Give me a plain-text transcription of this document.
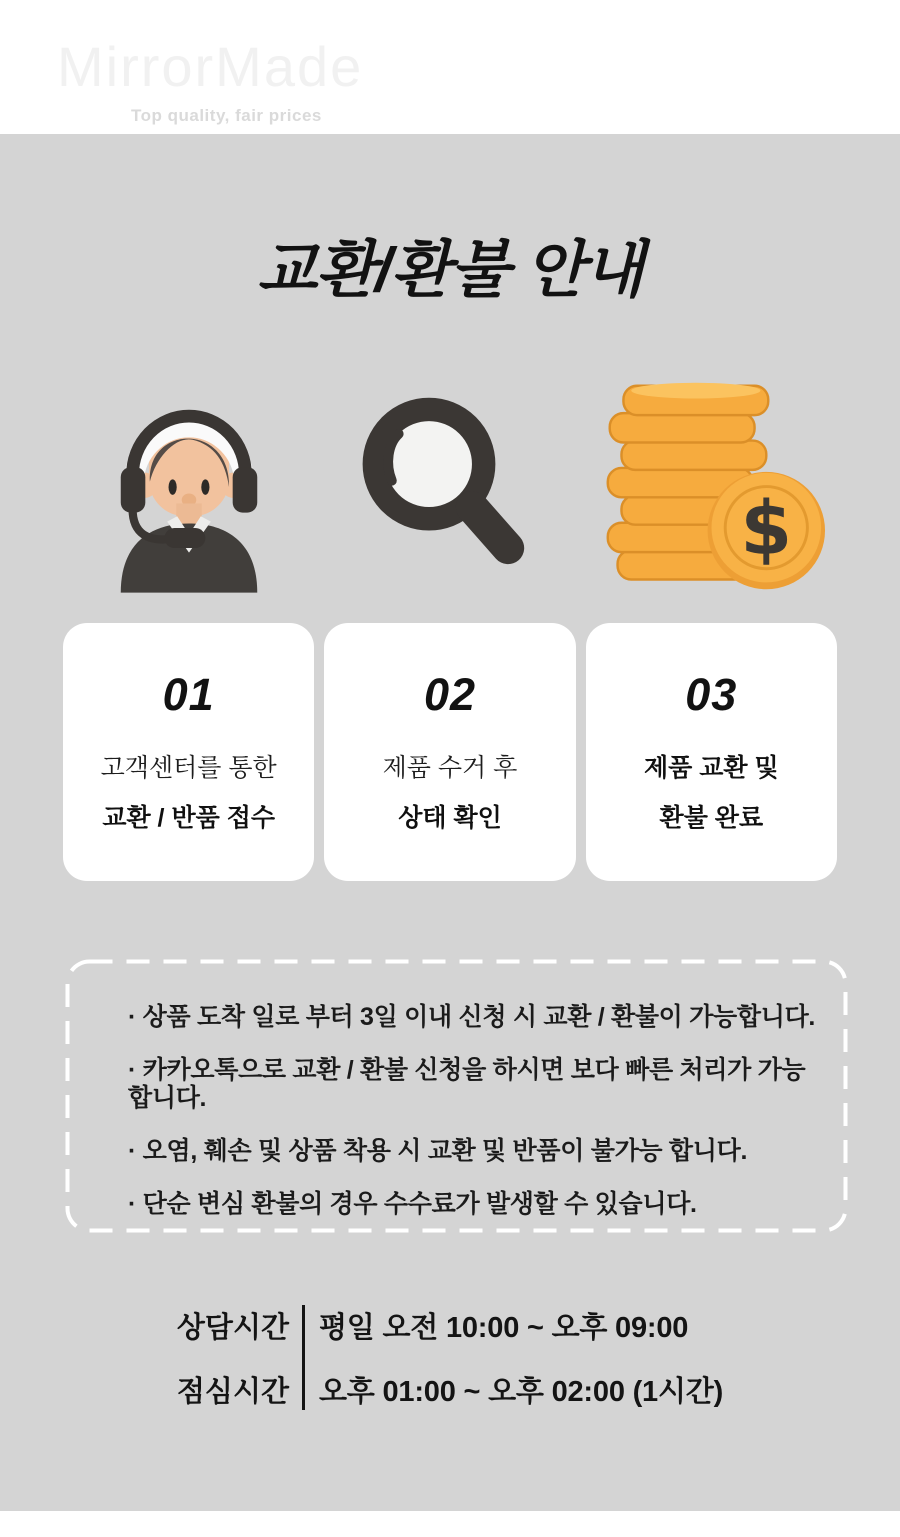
MirrorMade
Top quality, fair prices
교환/환불 안내
$
01
고객센터를 통한
교환 / 반품 접수
02
제품 수거 후
상태 확인
03
제품 교환 및
환불 완료

· 상품 도착 일로 부터 3일 이내 신청 시 교환 / 환불이 가능합니다.

· 카카오톡으로 교환 / 환불 신청을 하시면 보다 빠른 처리가 가능합니다.

· 오염, 훼손 및 상품 착용 시 교환 및 반품이 불가능 합니다.

· 단순 변심 환불의 경우 수수료가 발생할 수 있습니다.

상담시간
점심시간
평일 오전 10:00 ~ 오후 09:00
오후 01:00 ~ 오후 02:00 (1시간)
